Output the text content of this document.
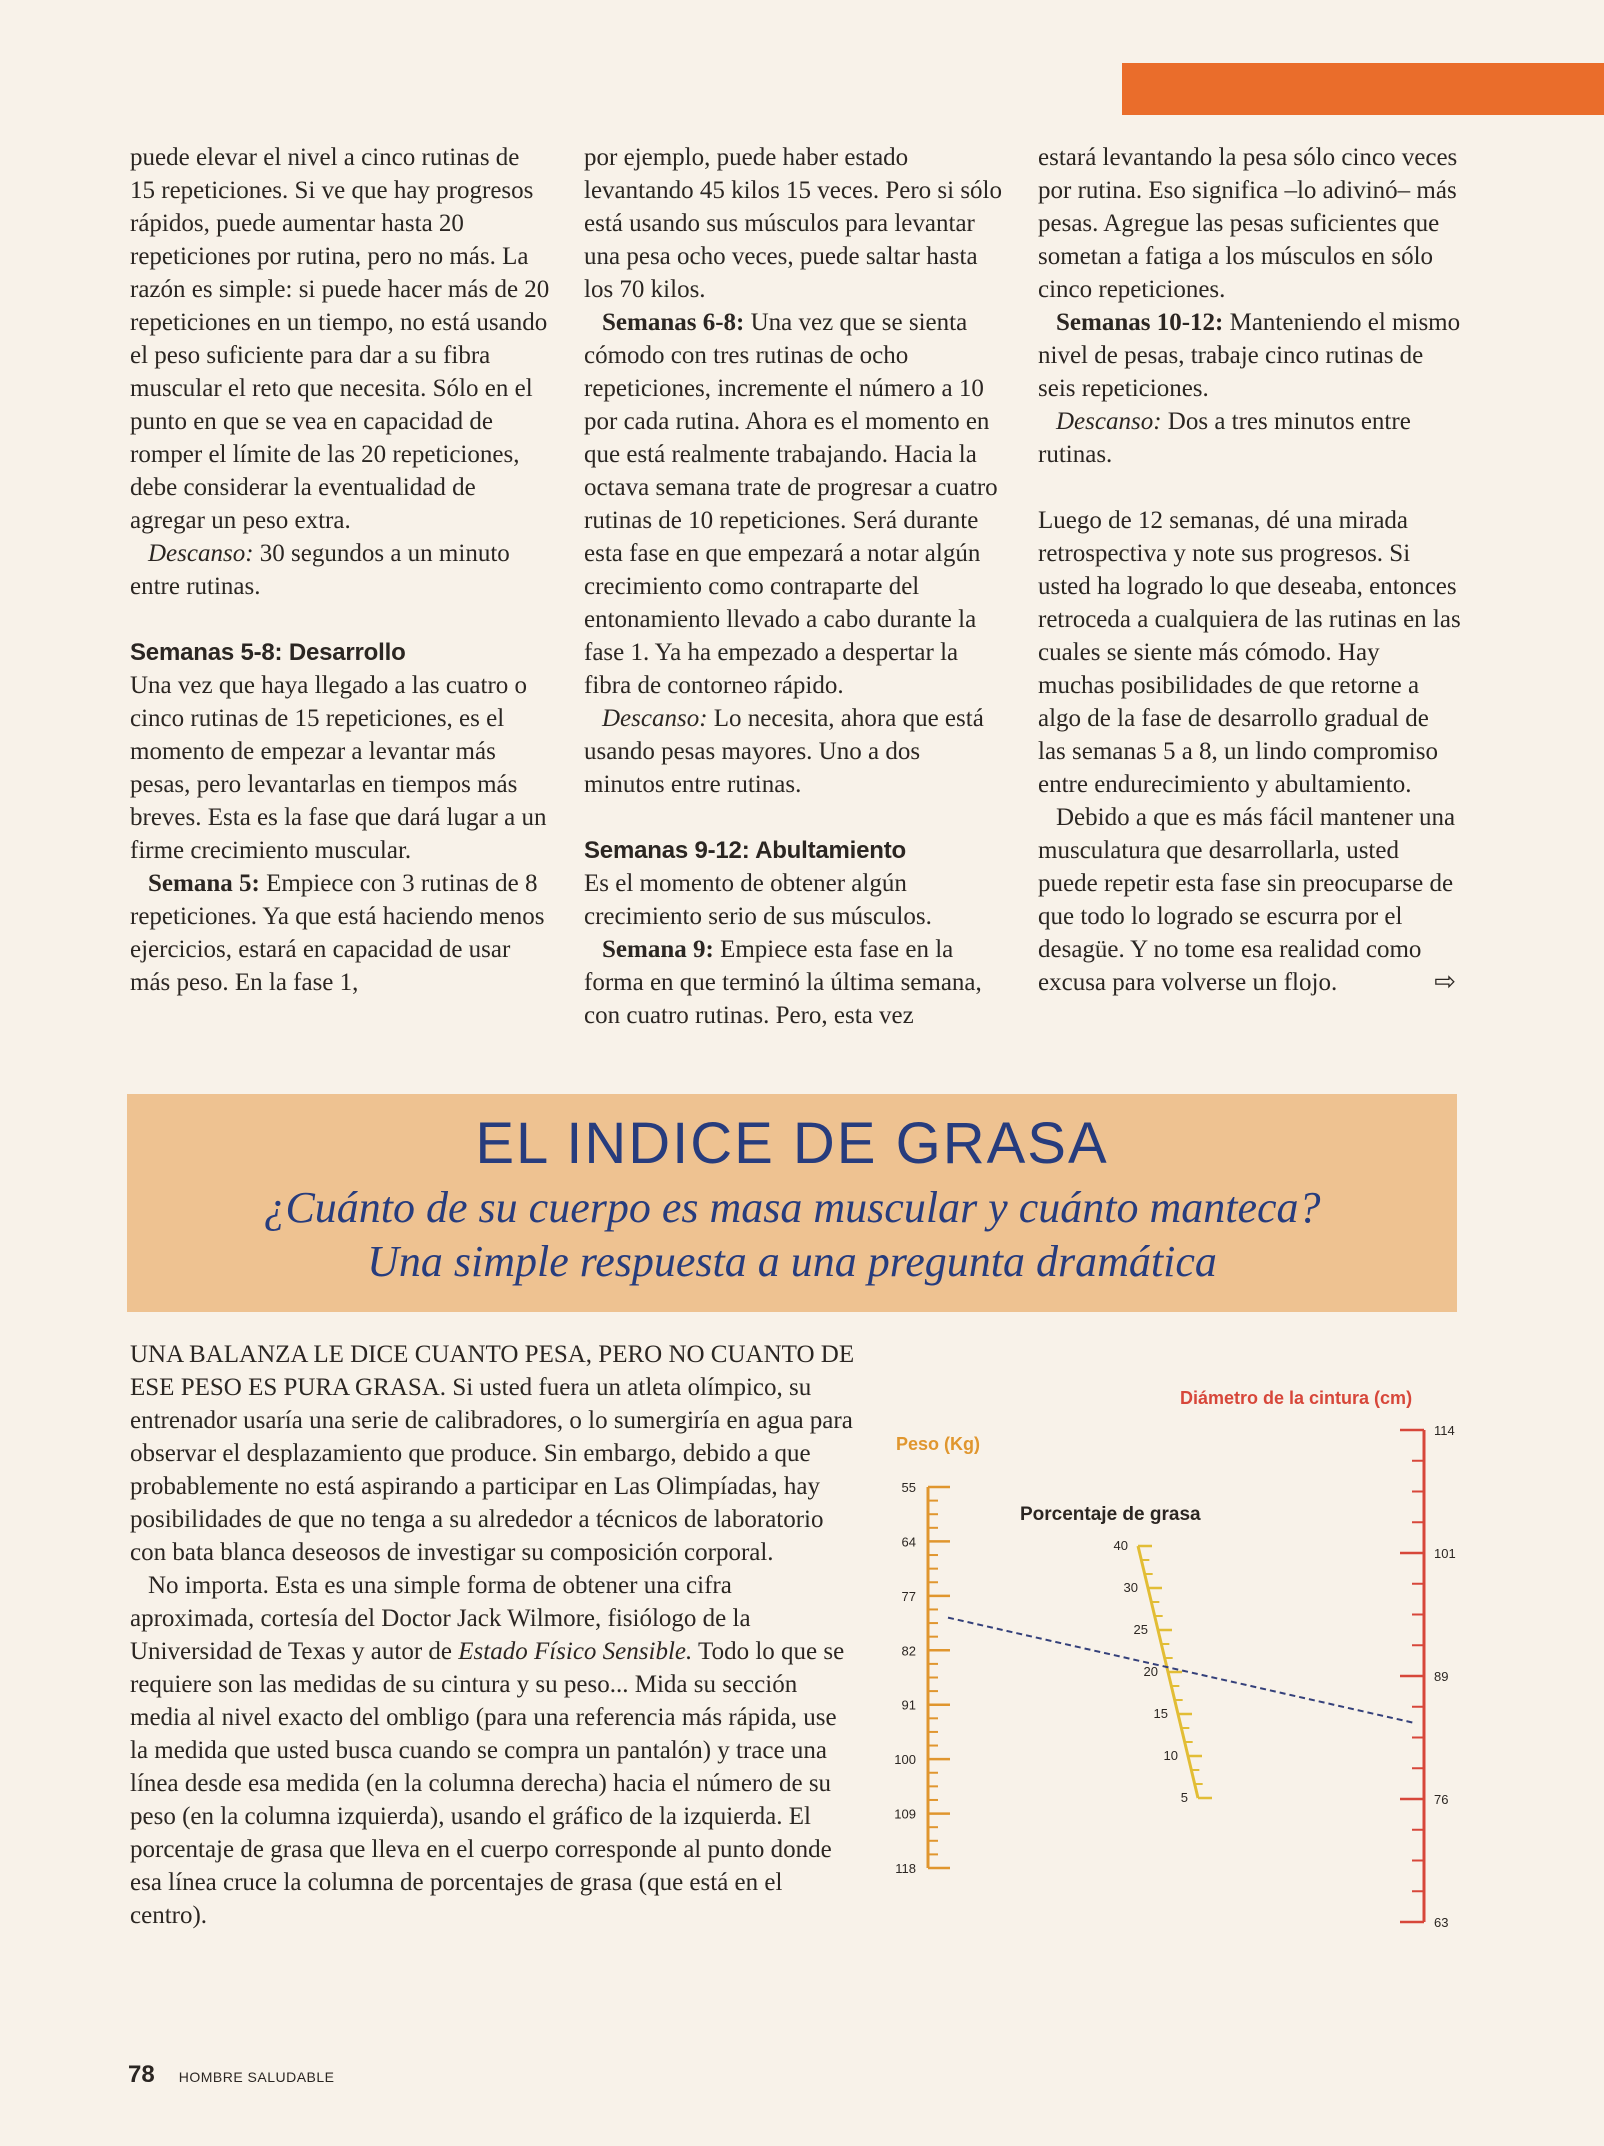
puede elevar el nivel a cinco rutinas de 15 repeticiones. Si ve que hay progresos rápidos, puede aumentar hasta 20 repeticiones por rutina, pero no más. La razón es simple: si puede hacer más de 20 repeticiones en un tiempo, no está usando el peso suficiente para dar a su fibra muscular el reto que necesita. Sólo en el punto en que se vea en capacidad de romper el límite de las 20 repeticiones, debe considerar la eventualidad de agregar un peso extra.

Descanso: 30 segundos a un minuto entre rutinas.

Semanas 5-8: Desarrollo

Una vez que haya llegado a las cuatro o cinco rutinas de 15 repeticiones, es el momento de empezar a levantar más pesas, pero levantarlas en tiempos más breves. Esta es la fase que dará lugar a un firme crecimiento muscular.

Semana 5: Empiece con 3 rutinas de 8 repeticiones. Ya que está haciendo menos ejercicios, estará en capacidad de usar más peso. En la fase 1,

por ejemplo, puede haber estado levantando 45 kilos 15 veces. Pero si sólo está usando sus músculos para levantar una pesa ocho veces, puede saltar hasta los 70 kilos.

Semanas 6-8: Una vez que se sienta cómodo con tres rutinas de ocho repeticiones, incremente el número a 10 por cada rutina. Ahora es el momento en que está realmente trabajando. Hacia la octava semana trate de progresar a cuatro rutinas de 10 repeticiones. Será durante esta fase en que empezará a notar algún crecimiento como contraparte del entonamiento llevado a cabo durante la fase 1. Ya ha empezado a despertar la fibra de contorneo rápido.

Descanso: Lo necesita, ahora que está usando pesas mayores. Uno a dos minutos entre rutinas.

Semanas 9-12: Abultamiento

Es el momento de obtener algún crecimiento serio de sus músculos.

Semana 9: Empiece esta fase en la forma en que terminó la última semana, con cuatro rutinas. Pero, esta vez

estará levantando la pesa sólo cinco veces por rutina. Eso significa –lo adivinó– más pesas. Agregue las pesas suficientes que sometan a fatiga a los músculos en sólo cinco repeticiones.

Semanas 10-12: Manteniendo el mismo nivel de pesas, trabaje cinco rutinas de seis repeticiones.

Descanso: Dos a tres minutos entre rutinas.

Luego de 12 semanas, dé una mirada retrospectiva y note sus progresos. Si usted ha logrado lo que deseaba, entonces retroceda a cualquiera de las rutinas en las cuales se siente más cómodo. Hay muchas posibilidades de que retorne a algo de la fase de desarrollo gradual de las semanas 5 a 8, un lindo compromiso entre endurecimiento y abultamiento.

Debido a que es más fácil mantener una musculatura que desarrollarla, usted puede repetir esta fase sin preocuparse de que todo lo logrado se escurra por el desagüe. Y no tome esa realidad como excusa para volverse un flojo.	⇨

EL INDICE DE GRASA
¿Cuánto de su cuerpo es masa muscular y cuánto manteca?
Una simple respuesta a una pregunta dramática

UNA BALANZA LE DICE CUANTO PESA, PERO NO CUANTO DE ESE PESO ES PURA GRASA. Si usted fuera un atleta olímpico, su entrenador usaría una serie de calibradores, o lo sumergiría en agua para observar el desplazamiento que produce. Sin embargo, debido a que probablemente no está aspirando a participar en Las Olimpíadas, hay posibilidades de que no tenga a su alrededor a técnicos de laboratorio con bata blanca deseosos de investigar su composición corporal.

No importa. Esta es una simple forma de obtener una cifra aproximada, cortesía del Doctor Jack Wilmore, fisiólogo de la Universidad de Texas y autor de Estado Físico Sensible. Todo lo que se requiere son las medidas de su cintura y su peso... Mida su sección media al nivel exacto del ombligo (para una referencia más rápida, use la medida que usted busca cuando se compra un pantalón) y trace una línea desde esa medida (en la columna derecha) hacia el número de su peso (en la columna izquierda), usando el gráfico de la izquierda. El porcentaje de grasa que lleva en el cuerpo corresponde al punto donde esa línea cruce la columna de porcentajes de grasa (que está en el centro).

Peso (Kg)
55
64
77
82
91
100
109
118
Diámetro de la cintura (cm)
114
101
89
76
63
Porcentaje de grasa
40
30
25
20
15
10
5
78 HOMBRE SALUDABLE
